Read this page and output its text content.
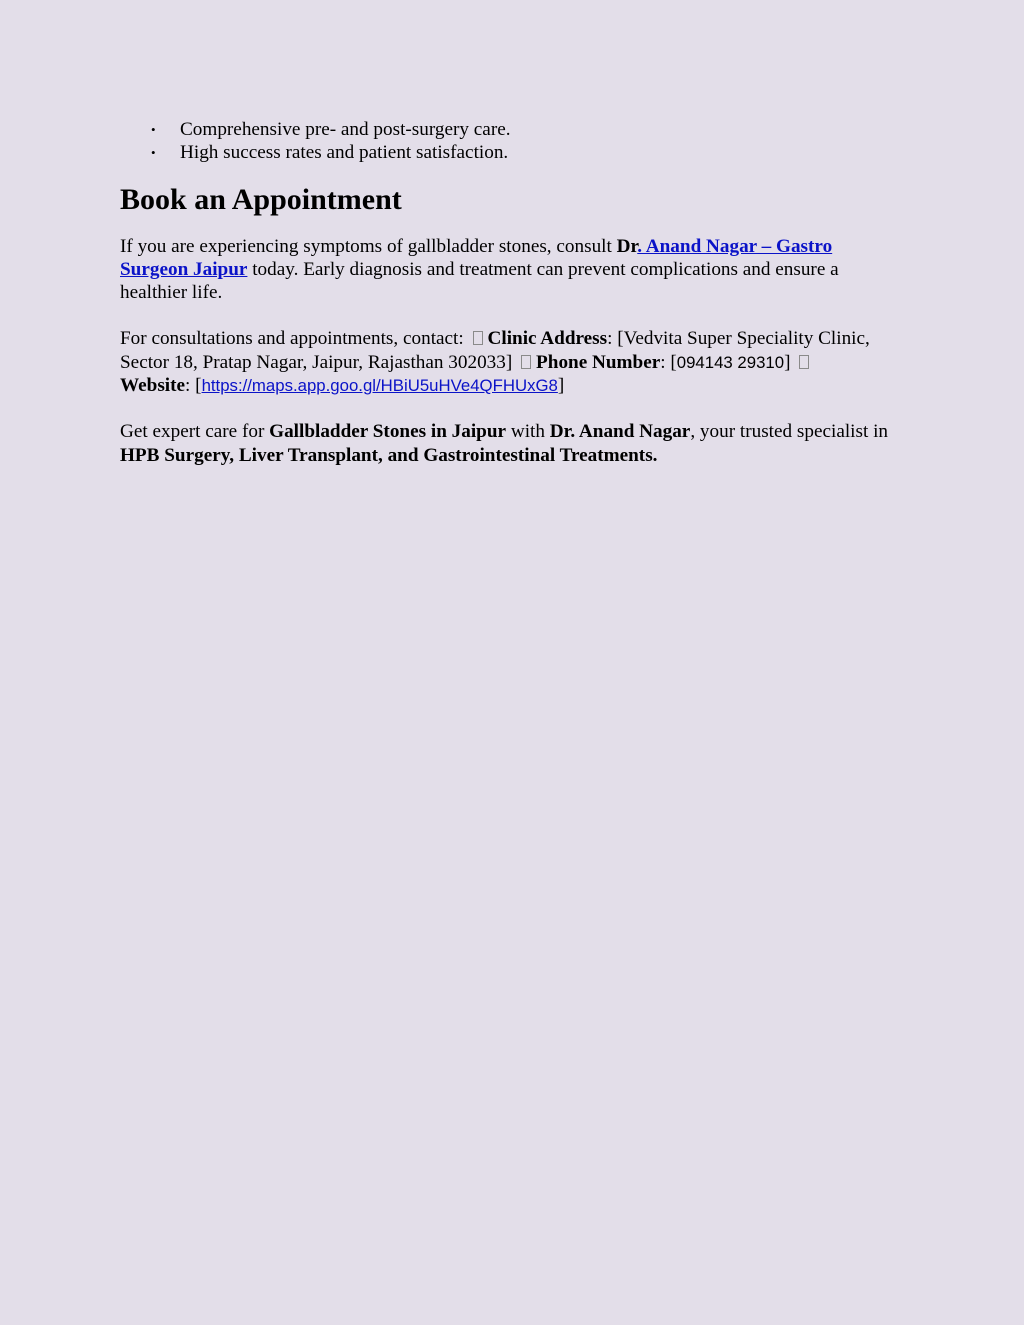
• Comprehensive pre- and post-surgery care.
• High success rates and patient satisfaction.
Book an Appointment

If you are experiencing symptoms of gallbladder stones, consult Dr. Anand Nagar – Gastro
Surgeon Jaipur today. Early diagnosis and treatment can prevent complications and ensure a healthier life.

For consultations and appointments, contact: Clinic Address: [Vedvita Super Speciality Clinic, Sector 18, Pratap Nagar, Jaipur, Rajasthan 302033] Phone Number: [094143 29310]
Website: [https://maps.app.goo.gl/HBiU5uHVe4QFHUxG8]

Get expert care for Gallbladder Stones in Jaipur with Dr. Anand Nagar, your trusted specialist in HPB Surgery, Liver Transplant, and Gastrointestinal Treatments.
